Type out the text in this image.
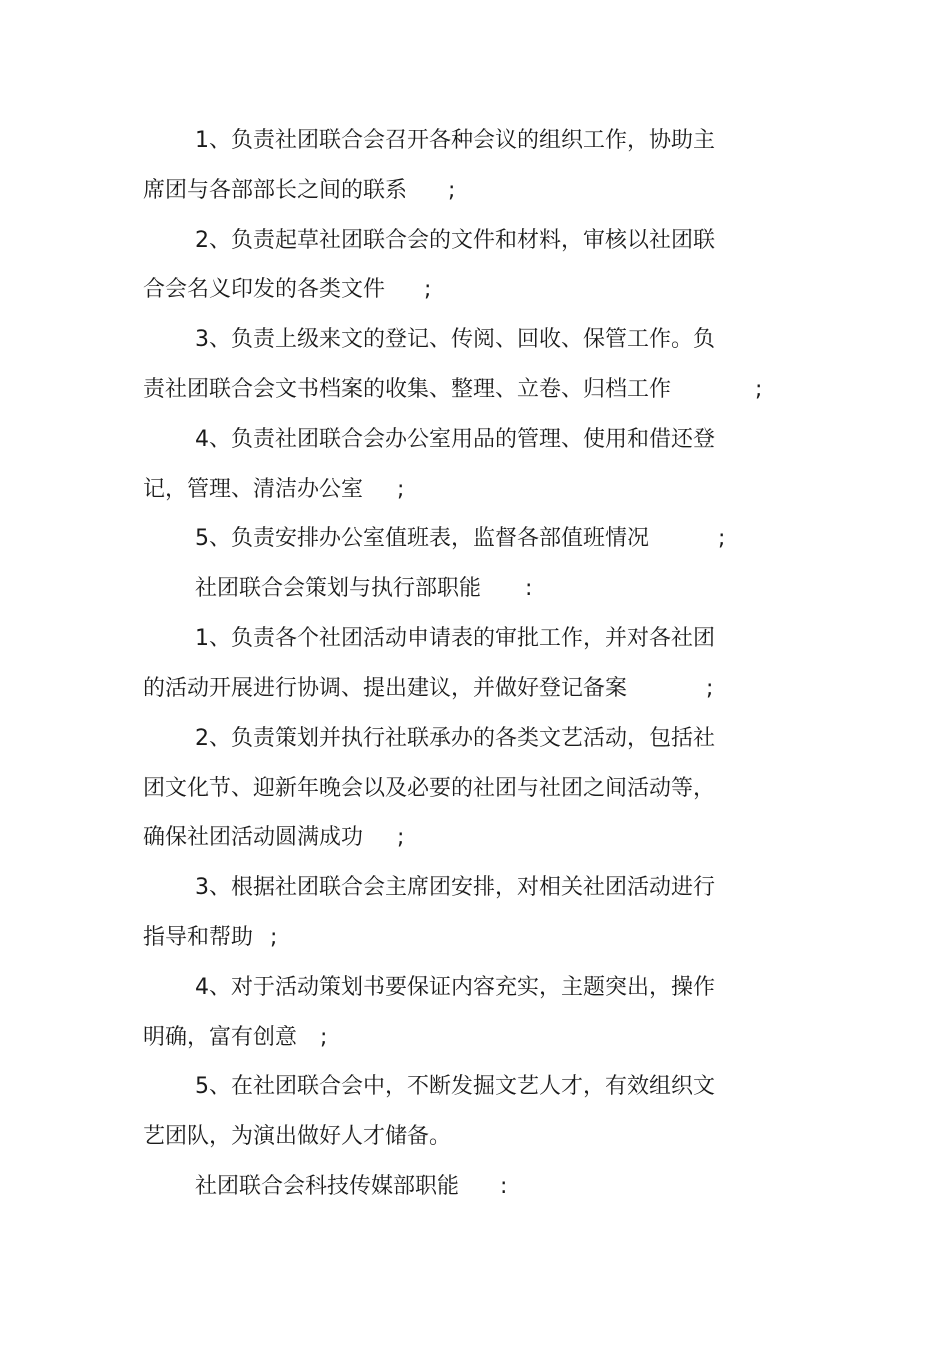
1、负责社团联合会召开各种会议的组织工作，协助主
席团与各部部长之间的联系 ;
2、负责起草社团联合会的文件和材料，审核以社团联
合会名义印发的各类文件 ;
3、负责上级来文的登记、传阅、回收、保管工作。负
责社团联合会文书档案的收集、整理、立卷、归档工作	;
4、负责社团联合会办公室用品的管理、使用和借还登
记，管理、清洁办公室 ;
5、负责安排办公室值班表，监督各部值班情况	;
社团联合会策划与执行部职能 :
1、负责各个社团活动申请表的审批工作，并对各社团
的活动开展进行协调、提出建议，并做好登记备案	;
2、负责策划并执行社联承办的各类文艺活动，包括社
团文化节、迎新年晚会以及必要的社团与社团之间活动等，
确保社团活动圆满成功 ;
3、根据社团联合会主席团安排，对相关社团活动进行
指导和帮助 ;
4、对于活动策划书要保证内容充实，主题突出，操作
明确，富有创意 ;
5、在社团联合会中，不断发掘文艺人才，有效组织文
艺团队，为演出做好人才储备。
社团联合会科技传媒部职能 :
